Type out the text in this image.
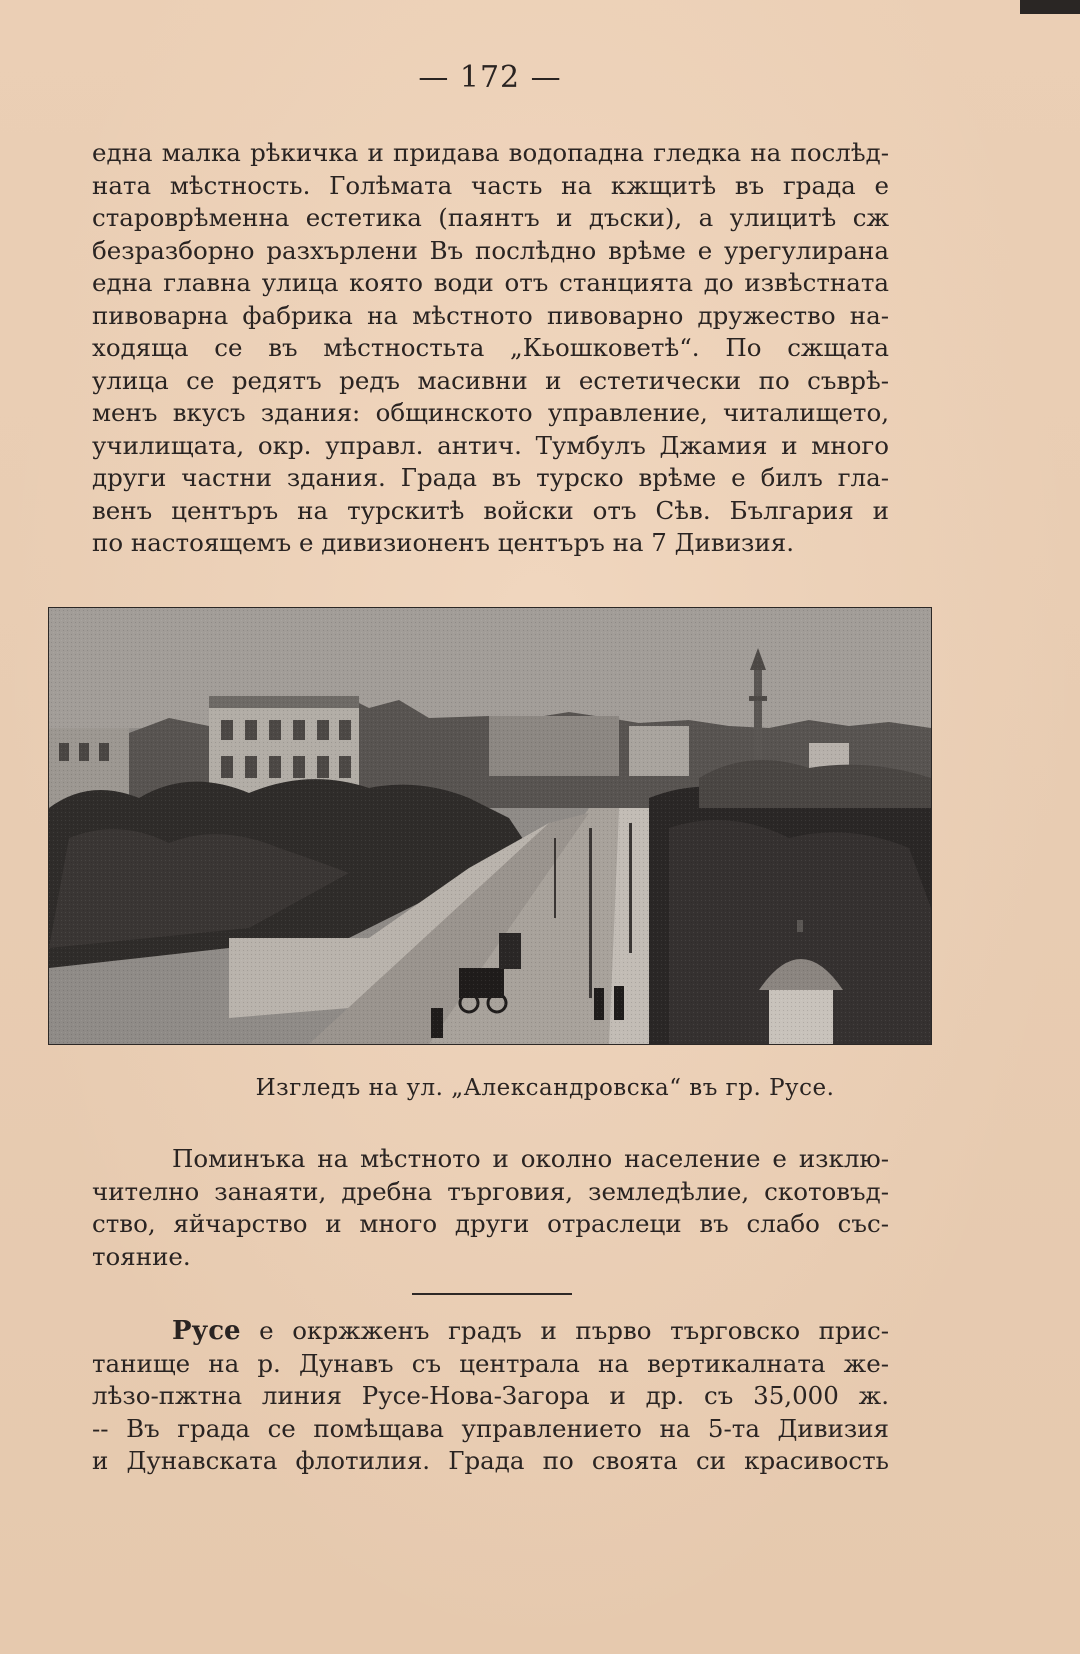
— 172 —
една малка рѣкичка и придава водопадна гледка на послѣд-
ната мѣстность. Голѣмата часть на кжщитѣ въ града е
староврѣменна естетика (паянтъ и дъски), а улицитѣ сж
безразборно разхърлени Въ послѣдно врѣме е урегулирана
една главна улица която води отъ станцията до извѣстната
пивоварна фабрика на мѣстното пивоварно дружество на-
ходяща се въ мѣстностьта „Кьошковетѣ“. По сжщата
улица се редятъ редъ масивни и естетически по съврѣ-
менъ вкусъ здания: общинското управление, читалището,
училищата, окр. управл. антич. Тумбулъ Джамия и много
други частни здания. Града въ турско врѣме е билъ гла-
венъ центъръ на турскитѣ войски отъ Сѣв. България и
по настоящемъ е дивизионенъ центъръ на 7 Дивизия.
Изгледъ на ул. „Александровска“ въ гр. Русе.
Поминъка на мѣстното и околно население е изклю-
чително занаяти, дребна търговия, земледѣлие, скотовъд-
ство, яйчарство и много други отраслеци въ слабо със-
тояние.
Русе е окржженъ градъ и първо търговско прис-
танище на р. Дунавъ съ централа на вертикалната же-
лѣзо-пжтна линия Русе-Нова-Загора и др. съ 35,000 ж.
-- Въ града се помѣщава управлението на 5-та Дивизия
и Дунавската флотилия. Града по своята си красивость
